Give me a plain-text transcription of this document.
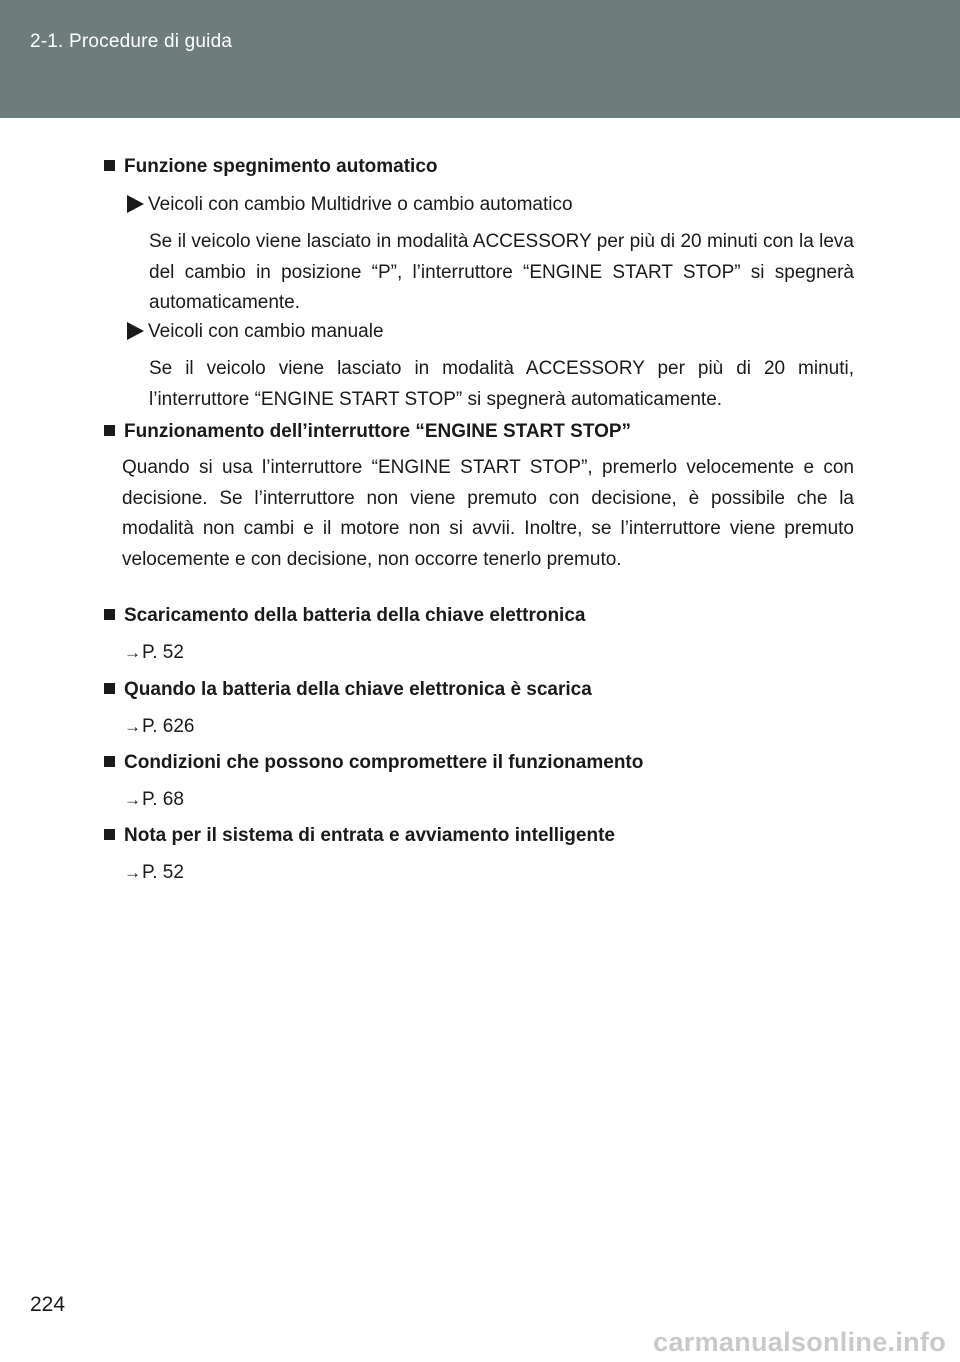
2-1. Procedure di guida
Funzione spegnimento automatico
Veicoli con cambio Multidrive o cambio automatico
Se il veicolo viene lasciato in modalità ACCESSORY per più di 20 minuti con la leva del cambio in posizione “P”, l’interruttore “ENGINE START STOP” si spegnerà automaticamente.
Veicoli con cambio manuale
Se il veicolo viene lasciato in modalità ACCESSORY per più di 20 minuti, l’interruttore “ENGINE START STOP” si spegnerà automaticamente.
Funzionamento dell’interruttore “ENGINE START STOP”
Quando si usa l’interruttore “ENGINE START STOP”, premerlo velocemente e con decisione. Se l’interruttore non viene premuto con decisione, è possibile che la modalità non cambi e il motore non si avvii. Inoltre, se l’interruttore viene premuto velocemente e con decisione, non occorre tenerlo premuto.
Scaricamento della batteria della chiave elettronica
→P. 52
Quando la batteria della chiave elettronica è scarica
→P. 626
Condizioni che possono compromettere il funzionamento
→P. 68
Nota per il sistema di entrata e avviamento intelligente
→P. 52
224
carmanualsonline.info
